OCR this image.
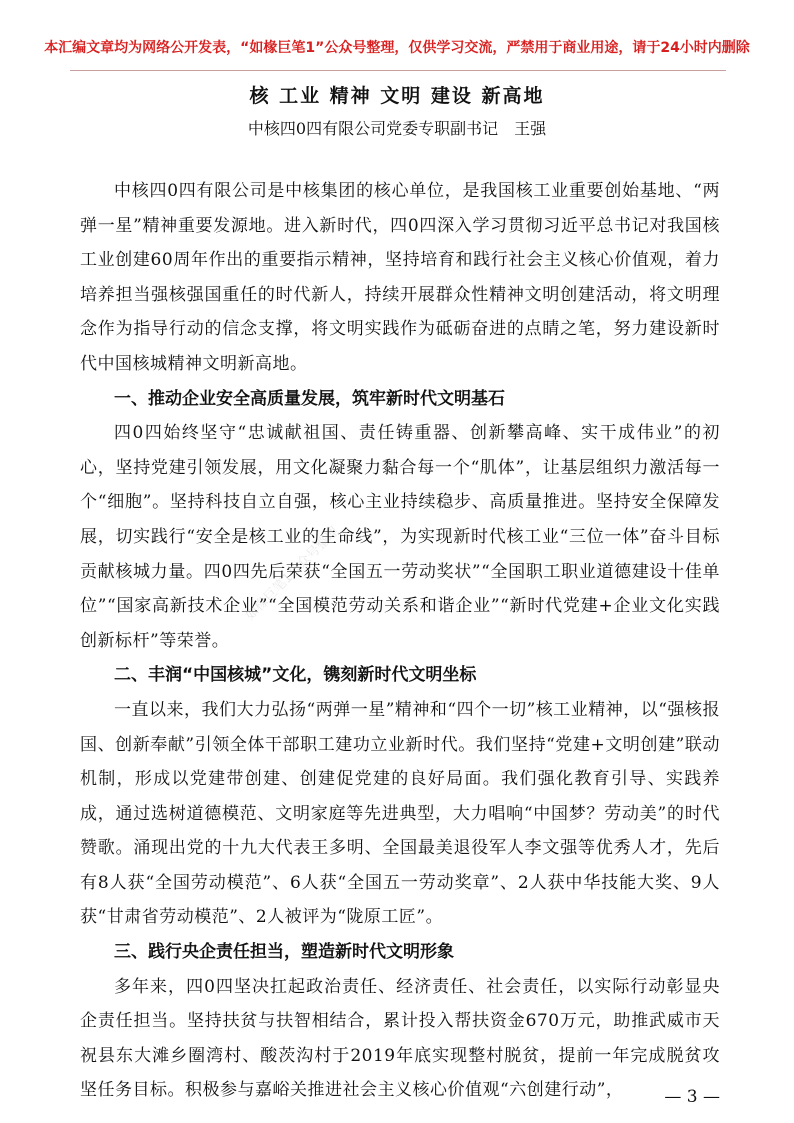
本汇编文章均为网络公开发表，“如椽巨笔1”公众号整理，仅供学习交流，严禁用于商业用途，请于24小时内删除
核 工业 精神 文明 建设 新高地
中核四0四有限公司党委专职副书记　王强

中核四0四有限公司是中核集团的核心单位，是我国核工业重要创始基地、“两弹一星”精神重要发源地。进入新时代，四0四深入学习贯彻习近平总书记对我国核工业创建60周年作出的重要指示精神，坚持培育和践行社会主义核心价值观，着力培养担当强核强国重任的时代新人，持续开展群众性精神文明创建活动，将文明理念作为指导行动的信念支撑，将文明实践作为砥砺奋进的点睛之笔，努力建设新时代中国核城精神文明新高地。

一、推动企业安全高质量发展，筑牢新时代文明基石

四0四始终坚守“忠诚献祖国、责任铸重器、创新攀高峰、实干成伟业”的初心，坚持党建引领发展，用文化凝聚力黏合每一个“肌体”，让基层组织力激活每一个“细胞”。坚持科技自立自强，核心主业持续稳步、高质量推进。坚持安全保障发展，切实践行“安全是核工业的生命线”，为实现新时代核工业“三位一体”奋斗目标贡献核城力量。四0四先后荣获“全国五一劳动奖状”“全国职工职业道德建设十佳单位”“国家高新技术企业”“全国模范劳动关系和谐企业”“新时代党建+企业文化实践创新标杆”等荣誉。

二、丰润“中国核城”文化，镌刻新时代文明坐标

一直以来，我们大力弘扬“两弹一星”精神和“四个一切”核工业精神，以“强核报国、创新奉献”引领全体干部职工建功立业新时代。我们坚持“党建+文明创建”联动机制，形成以党建带创建、创建促党建的良好局面。我们强化教育引导、实践养成，通过选树道德模范、文明家庭等先进典型，大力唱响“中国梦？劳动美”的时代赞歌。涌现出党的十九大代表王多明、全国最美退役军人李文强等优秀人才，先后有8人获“全国劳动模范”、6人获“全国五一劳动奖章”、2人获中华技能大奖、9人获“甘肃省劳动模范”、2人被评为“陇原工匠”。

三、践行央企责任担当，塑造新时代文明形象

多年来，四0四坚决扛起政治责任、经济责任、社会责任，以实际行动彰显央企责任担当。坚持扶贫与扶智相结合，累计投入帮扶资金670万元，助推武威市天祝县东大滩乡圈湾村、酸茨沟村于2019年底实现整村脱贫，提前一年完成脱贫攻坚任务目标。积极参与嘉峪关推进社会主义核心价值观“六创建行动”，

如椽巨笔1公众号整理
— 3 —
